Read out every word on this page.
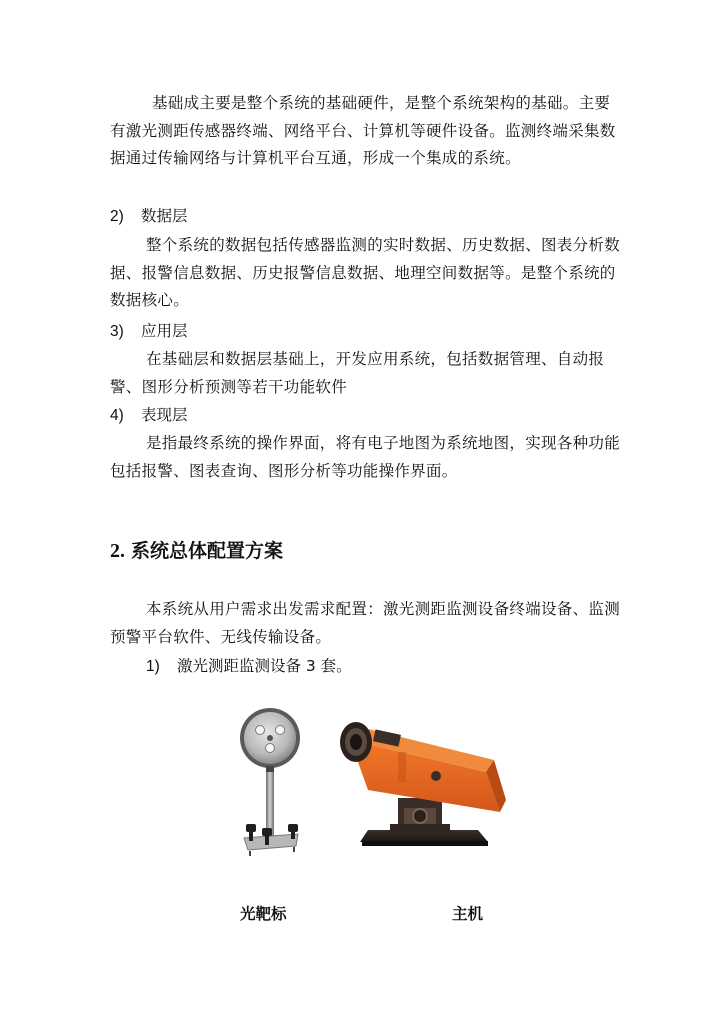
基础成主要是整个系统的基础硬件，是整个系统架构的基础。主要有激光测距传感器终端、网络平台、计算机等硬件设备。监测终端采集数据通过传输网络与计算机平台互通，形成一个集成的系统。

2) 数据层

整个系统的数据包括传感器监测的实时数据、历史数据、图表分析数据、报警信息数据、历史报警信息数据、地理空间数据等。是整个系统的数据核心。

3) 应用层

在基础层和数据层基础上，开发应用系统，包括数据管理、自动报警、图形分析预测等若干功能软件

4) 表现层

是指最终系统的操作界面，将有电子地图为系统地图，实现各种功能包括报警、图表查询、图形分析等功能操作界面。

2. 系统总体配置方案

本系统从用户需求出发需求配置：激光测距监测设备终端设备、监测预警平台软件、无线传输设备。

1) 激光测距监测设备 3 套。

光靶标	主机
